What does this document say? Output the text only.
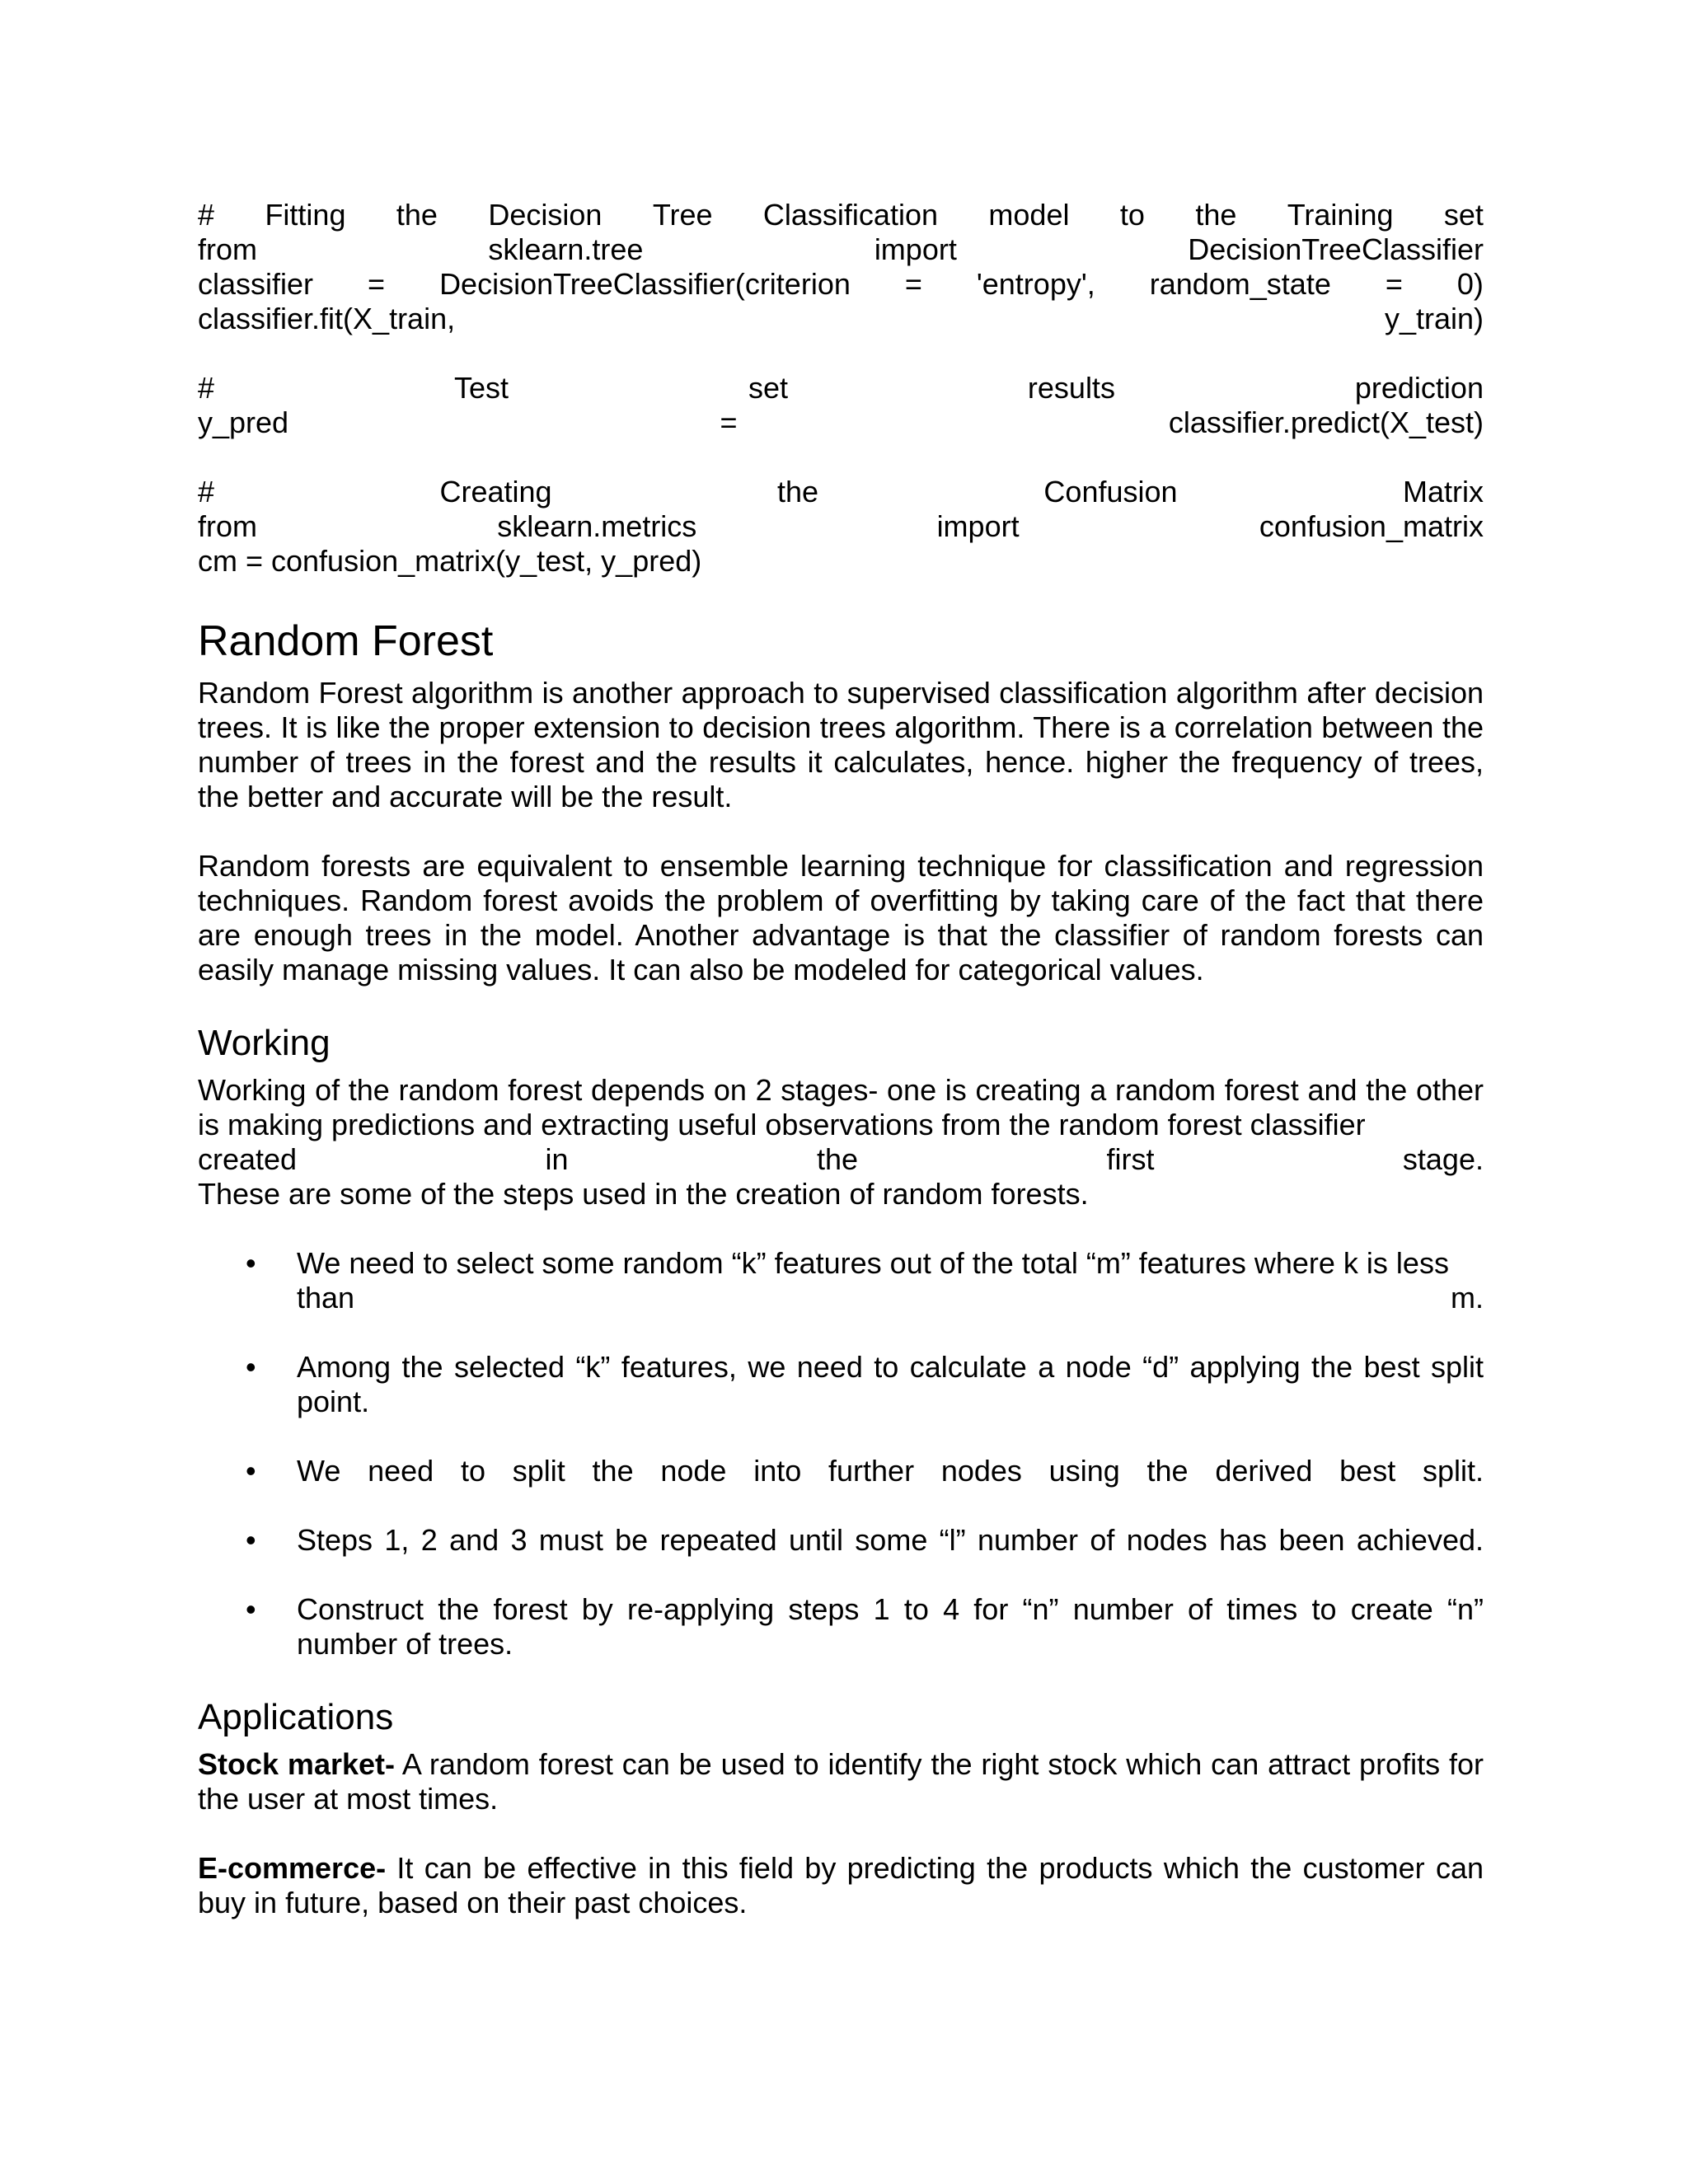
# Fitting the Decision Tree Classification model to the Training set
from	sklearn.tree	import	DecisionTreeClassifier
classifier = DecisionTreeClassifier(criterion = 'entropy', random_state = 0)
classifier.fit(X_train,	y_train)
#	Test	set	results	prediction
y_pred	=	classifier.predict(X_test)
#	Creating	the	Confusion	Matrix
from	sklearn.metrics	import	confusion_matrix
cm = confusion_matrix(y_test, y_pred)
Random Forest
Random Forest algorithm is another approach to supervised classification algorithm after decision trees. It is like the proper extension to decision trees algorithm. There is a correlation between the number of trees in the forest and the results it calculates, hence. higher the frequency of trees, the better and accurate will be the result.
Random forests are equivalent to ensemble learning technique for classification and regression techniques. Random forest avoids the problem of overfitting by taking care of the fact that there are enough trees in the model. Another advantage is that the classifier of random forests can easily manage missing values. It can also be modeled for categorical values.
Working
Working of the random forest depends on 2 stages- one is creating a random forest and the other is making predictions and extracting useful observations from the random forest classifier
created	in	the	first	stage.
These are some of the steps used in the creation of random forests.
• We need to select some random “k” features out of the total “m” features where k is less
than	m.
• Among the selected “k” features, we need to calculate a node “d” applying the best split point.
• We need to split the node into further nodes using the derived best split.
• Steps 1, 2 and 3 must be repeated until some “l” number of nodes has been achieved.
• Construct the forest by re-applying steps 1 to 4 for “n” number of times to create “n” number of trees.
Applications
Stock market- A random forest can be used to identify the right stock which can attract profits for the user at most times.
E-commerce- It can be effective in this field by predicting the products which the customer can buy in future, based on their past choices.
